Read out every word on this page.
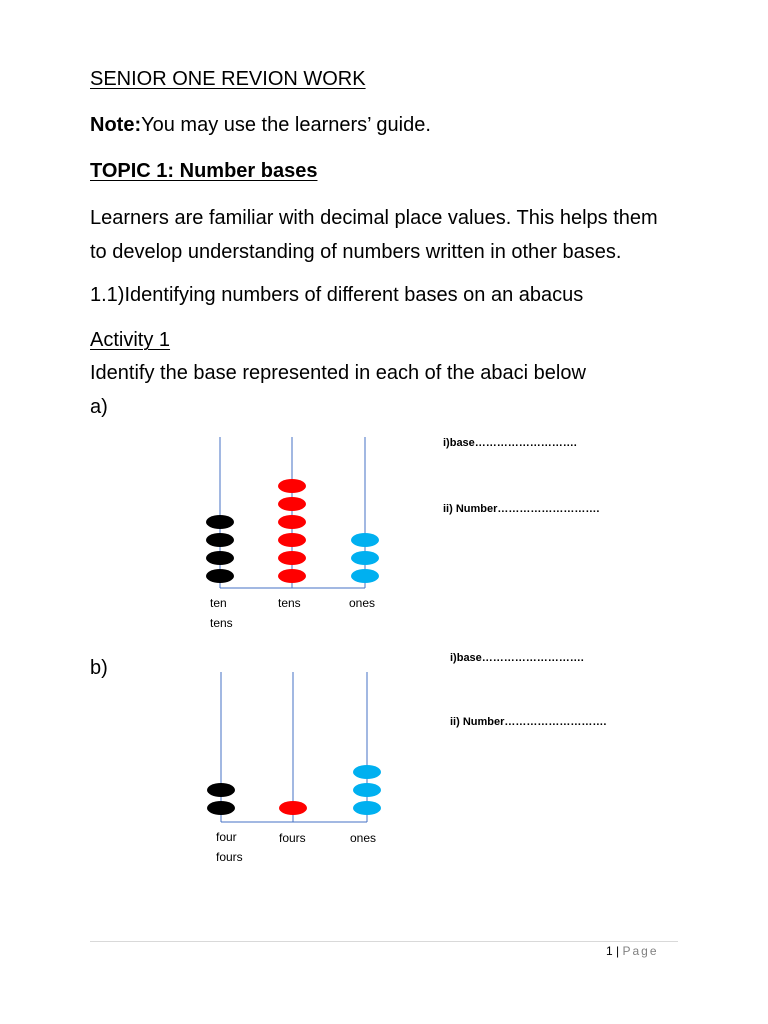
SENIOR ONE REVION WORK
Note:You may use the learners’ guide.
TOPIC 1: Number bases
Learners are familiar with decimal place values. This helps them
to develop understanding of numbers written in other bases.
1.1)Identifying numbers of different bases on an abacus
Activity 1
Identify the base represented in each of the abaci below
a)
ten
tens
tens	ones
i)base……………………….
ii) Number……………………….
b)
four
fours
fours	ones
i)base……………………….
ii) Number……………………….
1 | Page
